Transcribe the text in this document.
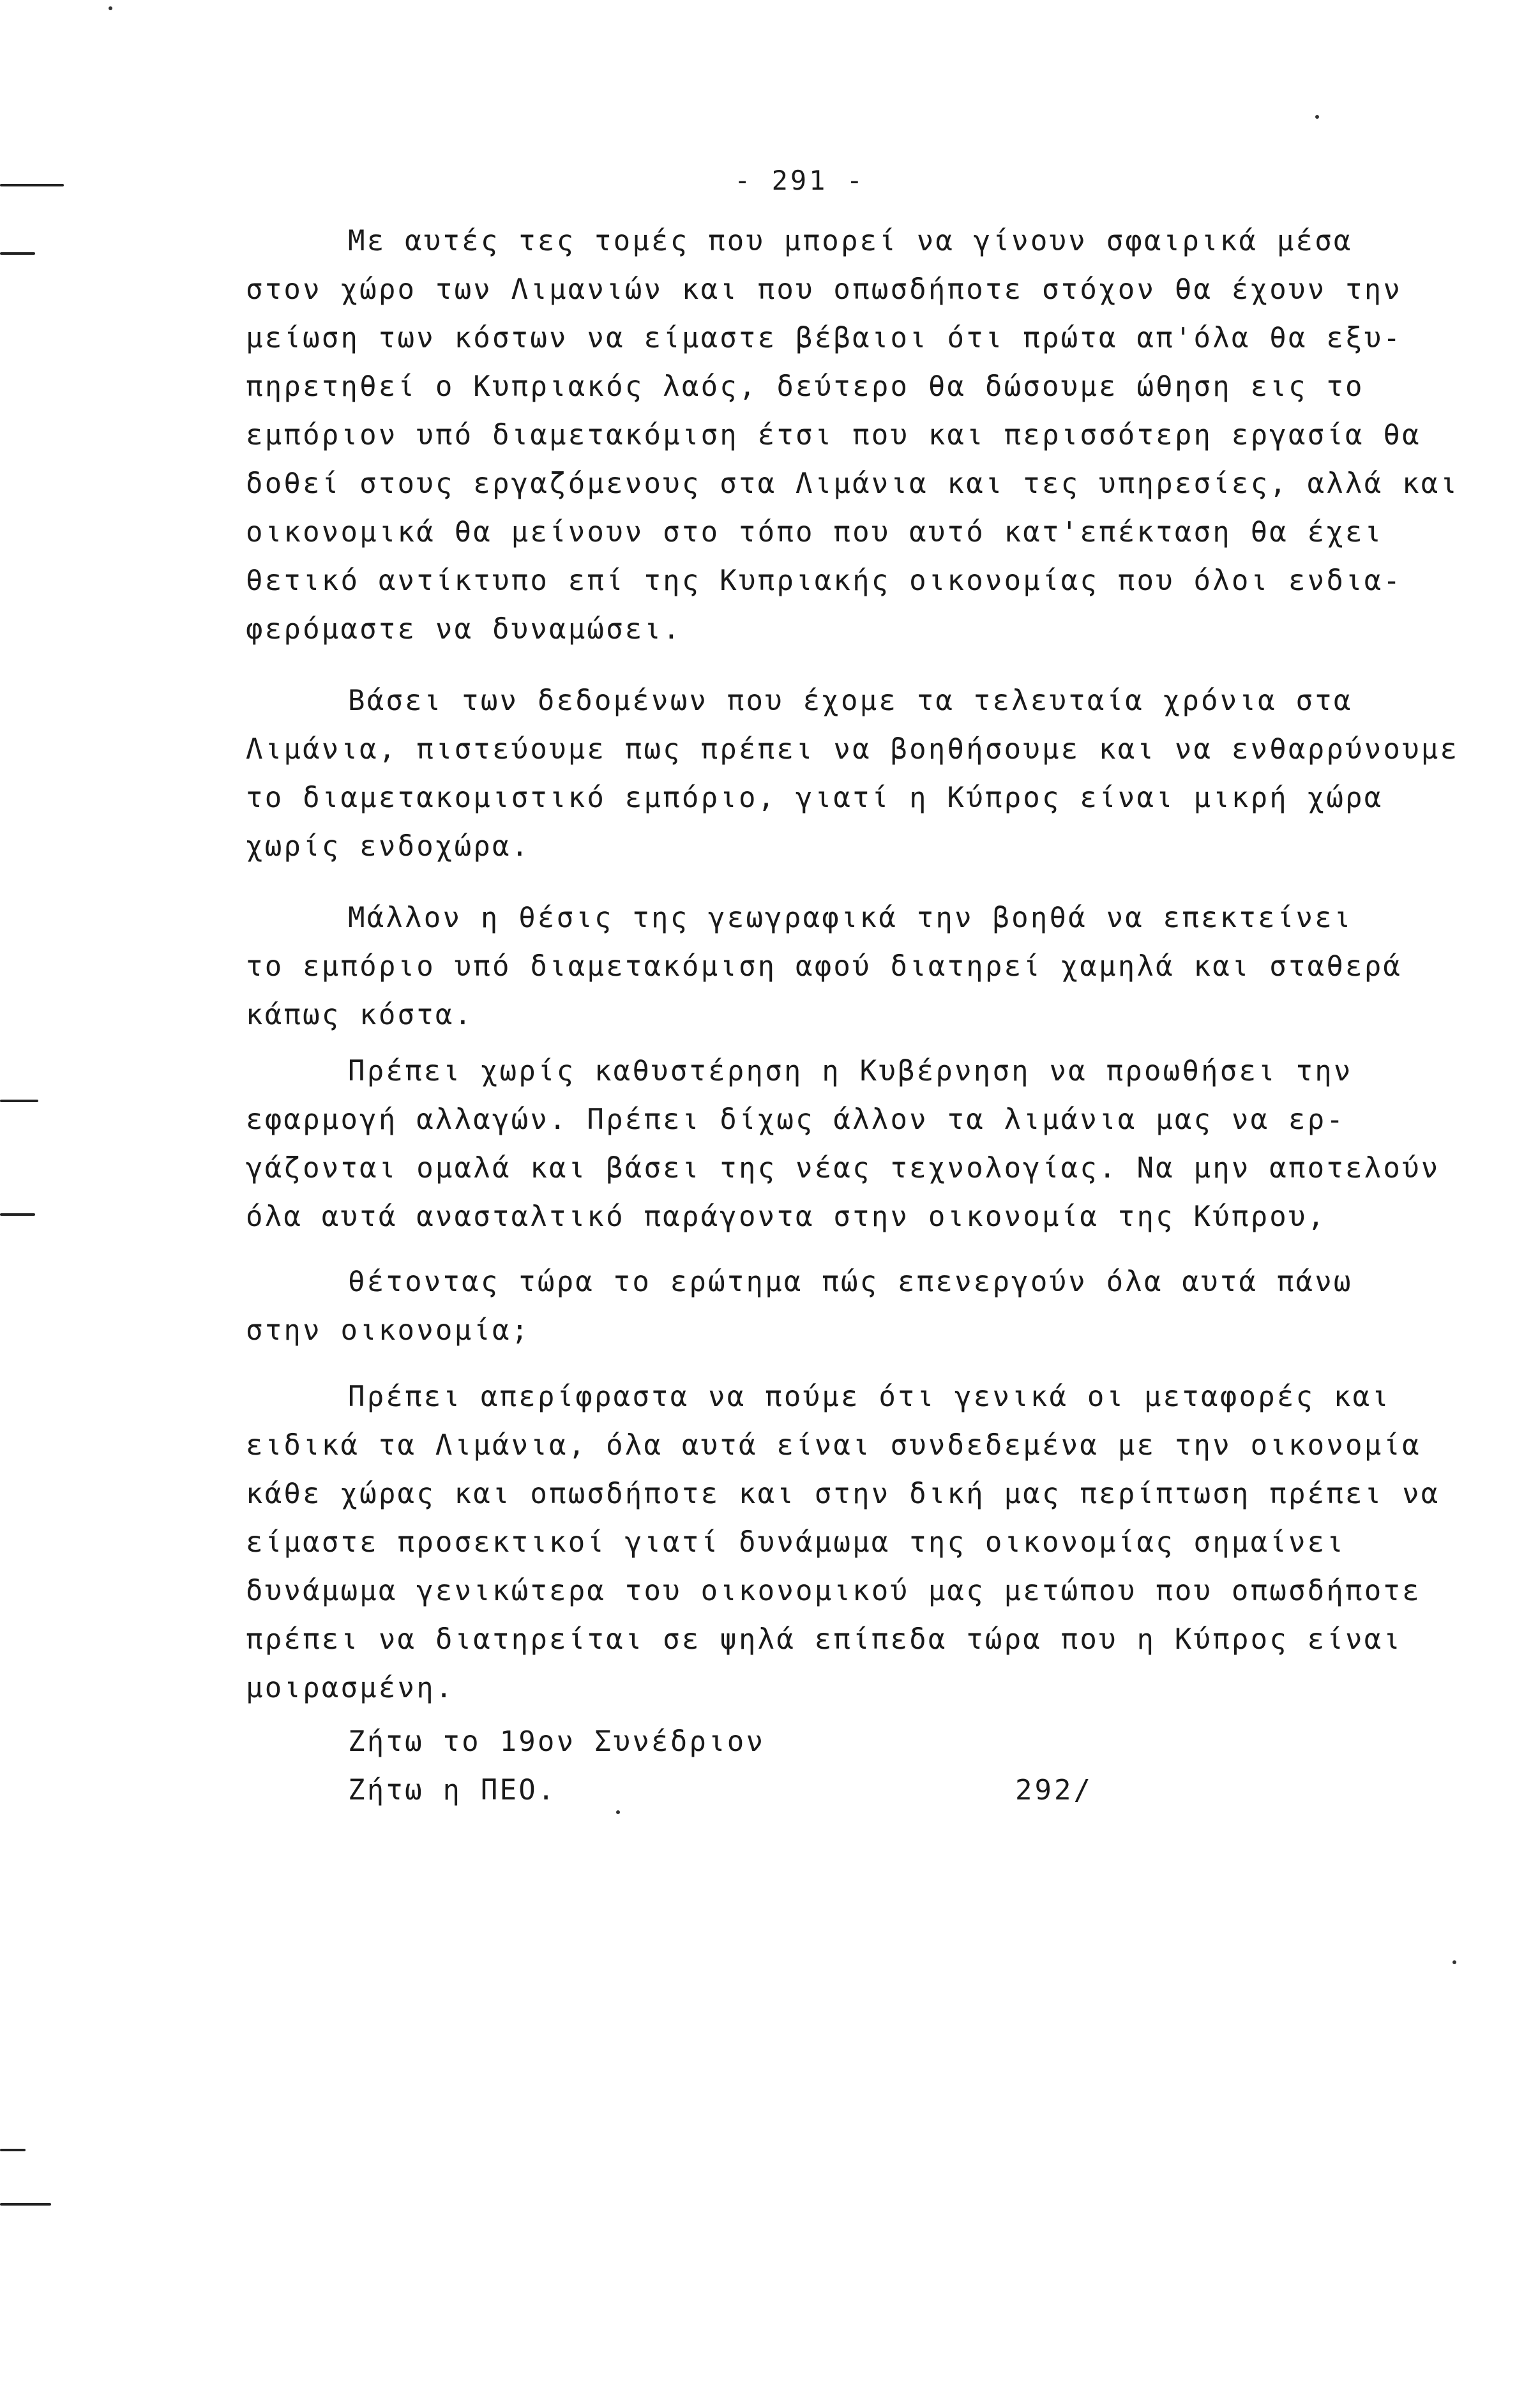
- 291 -
Με αυτές τες τομές που μπορεί να γίνουν σφαιρικά μέσα
στον χώρο των Λιμανιών και που οπωσδήποτε στόχον θα έχουν την
μείωση των κόστων να είμαστε βέβαιοι ότι πρώτα απ'όλα θα εξυ-
πηρετηθεί ο Κυπριακός λαός, δεύτερο θα δώσουμε ώθηση εις το
εμπόριον υπό διαμετακόμιση έτσι που και περισσότερη εργασία θα
δοθεί στους εργαζόμενους στα Λιμάνια και τες υπηρεσίες, αλλά και
οικονομικά θα μείνουν στο τόπο που αυτό κατ'επέκταση θα έχει
θετικό αντίκτυπο επί της Κυπριακής οικονομίας που όλοι ενδια-
φερόμαστε να δυναμώσει.
Βάσει των δεδομένων που έχομε τα τελευταία χρόνια στα
Λιμάνια, πιστεύουμε πως πρέπει να βοηθήσουμε και να ενθαρρύνουμε
το διαμετακομιστικό εμπόριο, γιατί η Κύπρος είναι μικρή χώρα
χωρίς ενδοχώρα.
Μάλλον η θέσις της γεωγραφικά την βοηθά να επεκτείνει
το εμπόριο υπό διαμετακόμιση αφού διατηρεί χαμηλά και σταθερά
κάπως κόστα.
Πρέπει χωρίς καθυστέρηση η Κυβέρνηση να προωθήσει την
εφαρμογή αλλαγών. Πρέπει δίχως άλλον τα λιμάνια μας να ερ-
γάζονται ομαλά και βάσει της νέας τεχνολογίας. Να μην αποτελούν
όλα αυτά ανασταλτικό παράγοντα στην οικονομία της Κύπρου,
θέτοντας τώρα το ερώτημα πώς επενεργούν όλα αυτά πάνω
στην οικονομία;
Πρέπει απερίφραστα να πούμε ότι γενικά οι μεταφορές και
ειδικά τα Λιμάνια, όλα αυτά είναι συνδεδεμένα με την οικονομία
κάθε χώρας και οπωσδήποτε και στην δική μας περίπτωση πρέπει να
είμαστε προσεκτικοί γιατί δυνάμωμα της οικονομίας σημαίνει
δυνάμωμα γενικώτερα του οικονομικού μας μετώπου που οπωσδήποτε
πρέπει να διατηρείται σε ψηλά επίπεδα τώρα που η Κύπρος είναι
μοιρασμένη.
Ζήτω το 19ον Συνέδριον
Ζήτω η ΠΕΟ.	292/
